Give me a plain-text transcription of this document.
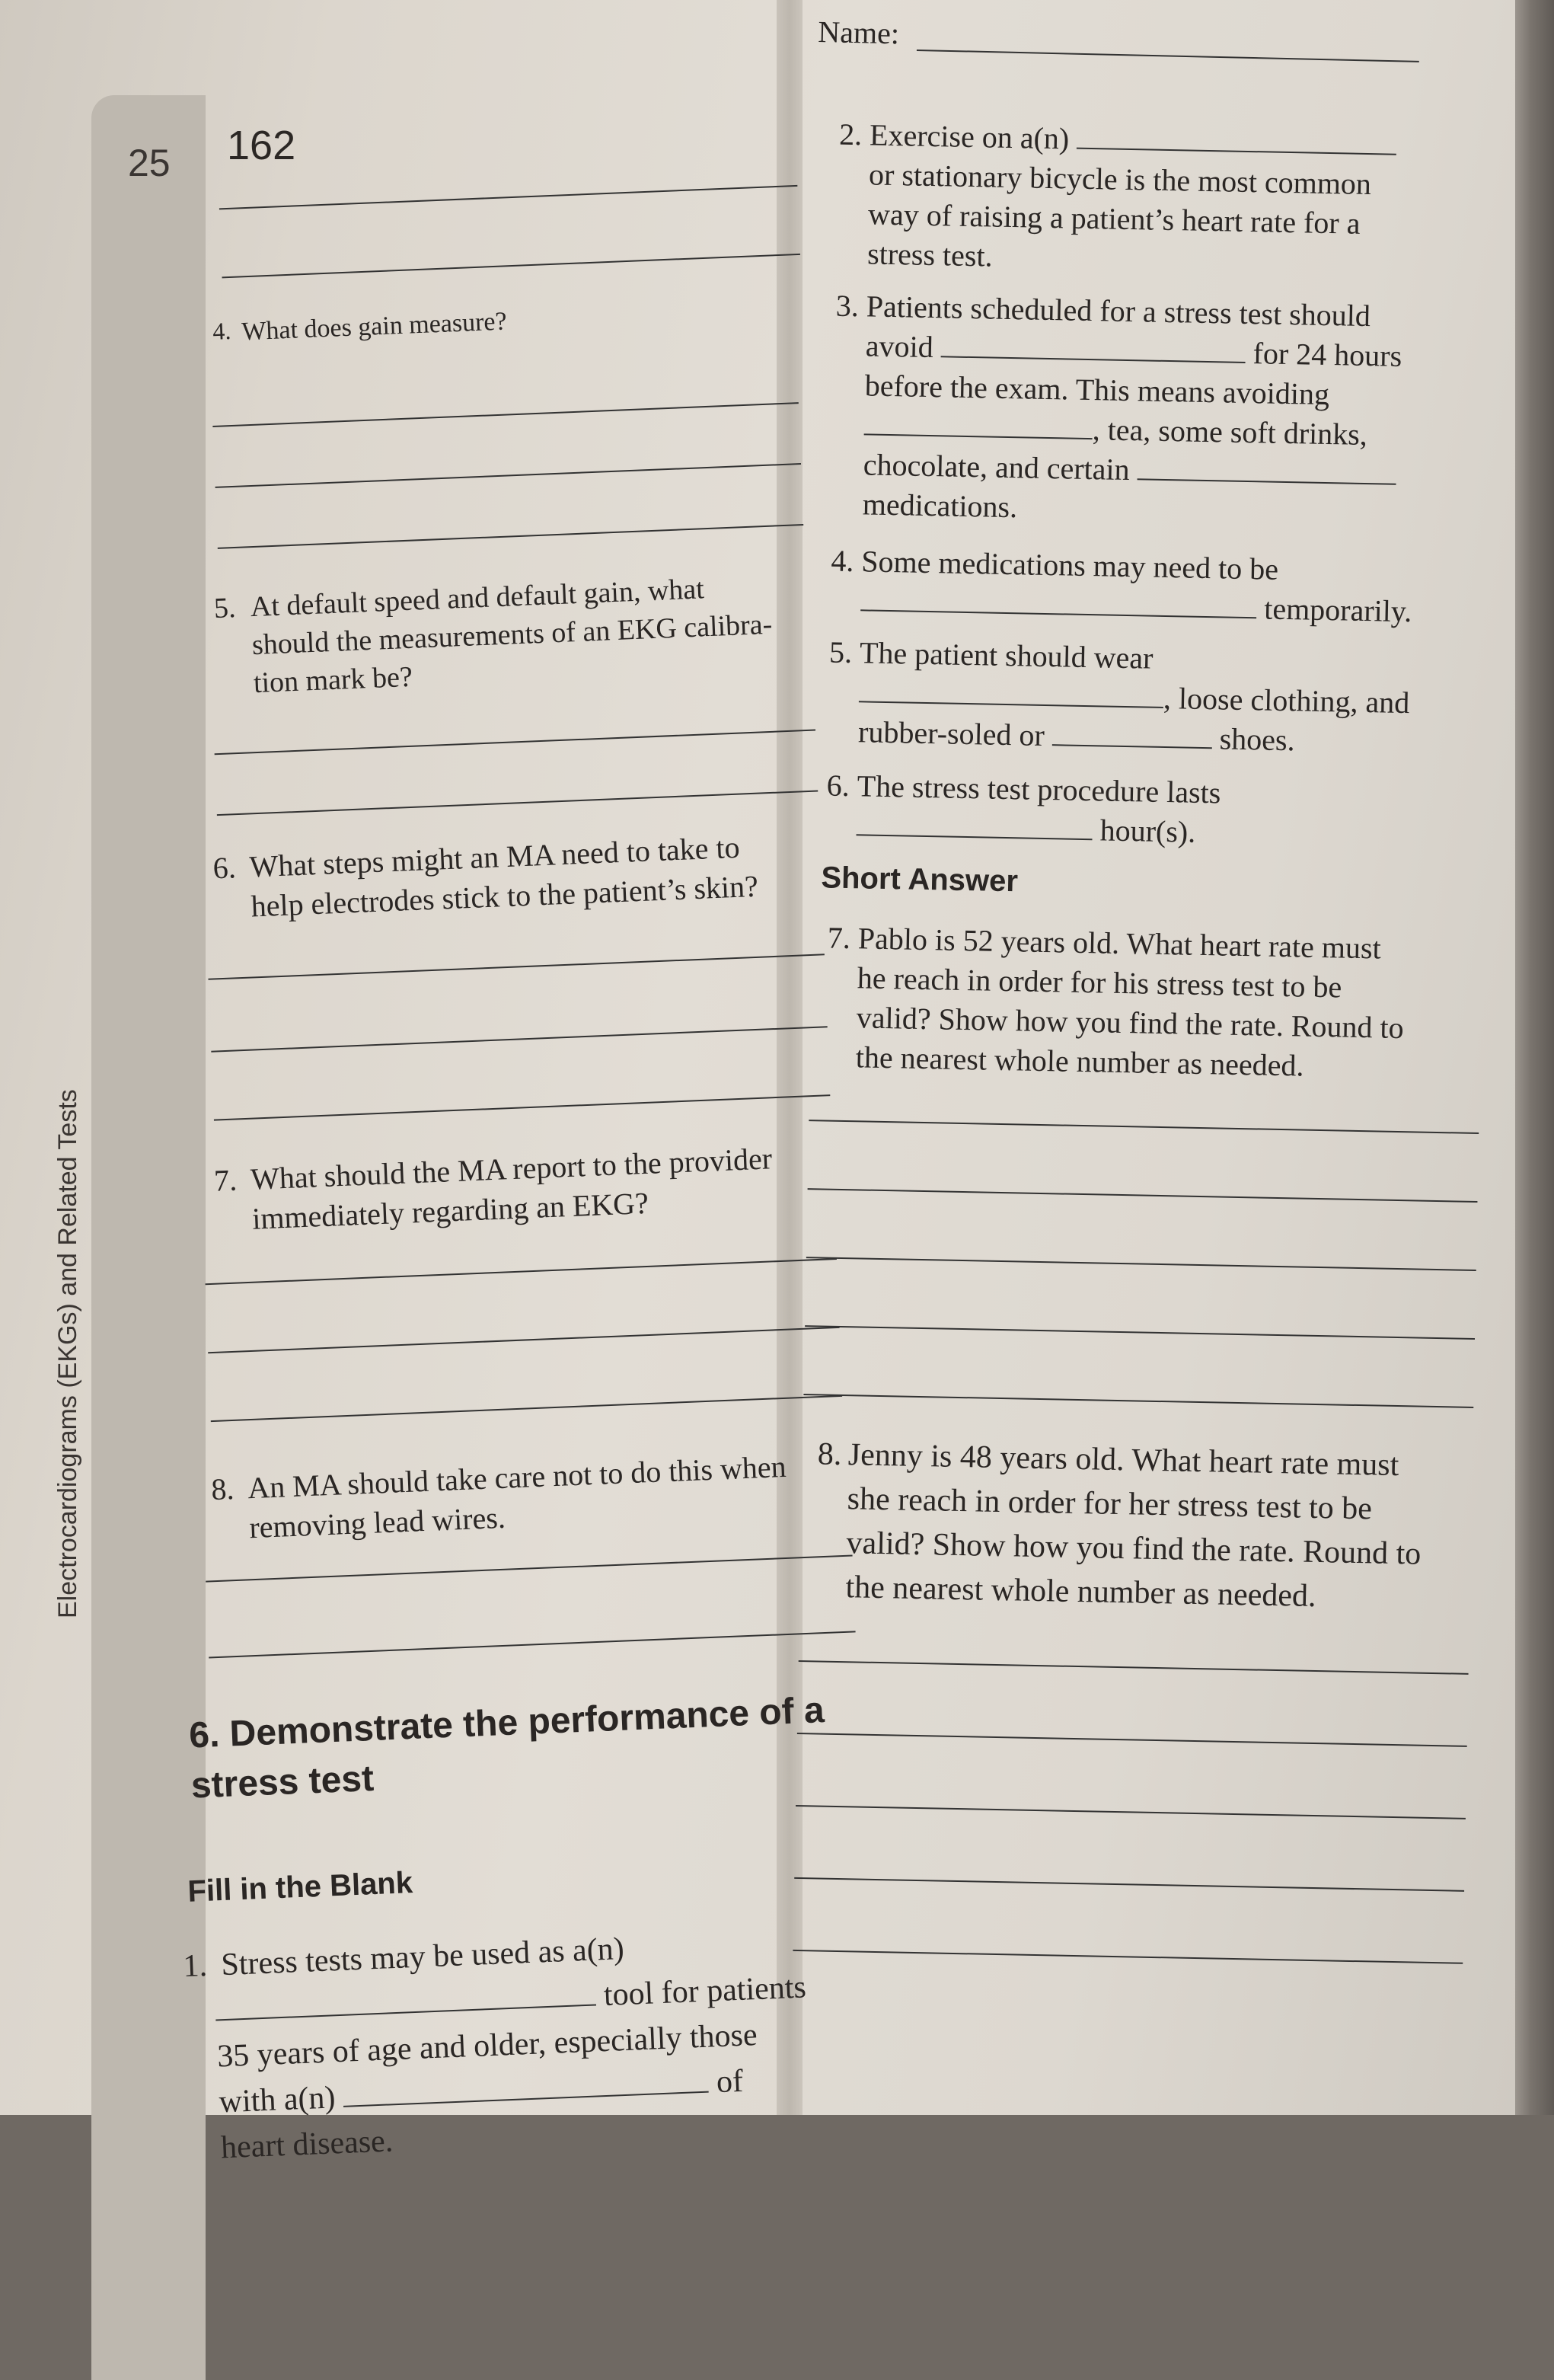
Electrocardiograms (EKGs) and Related Tests
25 162
Name:
4. What does gain measure?
5. At default speed and default gain, what
should the measurements of an EKG calibra-
tion mark be?
6. What steps might an MA need to take to
help electrodes stick to the patient’s skin?
7. What should the MA report to the provider
immediately regarding an EKG?
8. An MA should take care not to do this when
removing lead wires.
6. Demonstrate the performance of a
stress test
Fill in the Blank
1. Stress tests may be used as a(n)
tool for patients
35 years of age and older, especially those
with a(n)	of
heart disease.
2. Exercise on a(n)
or stationary bicycle is the most common
way of raising a patient’s heart rate for a
stress test.
3. Patients scheduled for a stress test should
avoid	for 24 hours
before the exam. This means avoiding
, tea, some soft drinks,
chocolate, and certain
medications.
4. Some medications may need to be
temporarily.
5. The patient should wear
, loose clothing, and
rubber-soled or	shoes.
6. The stress test procedure lasts
hour(s).
Short Answer
7. Pablo is 52 years old. What heart rate must
he reach in order for his stress test to be
valid? Show how you find the rate. Round to
the nearest whole number as needed.
8. Jenny is 48 years old. What heart rate must
she reach in order for her stress test to be
valid? Show how you find the rate. Round to
the nearest whole number as needed.
